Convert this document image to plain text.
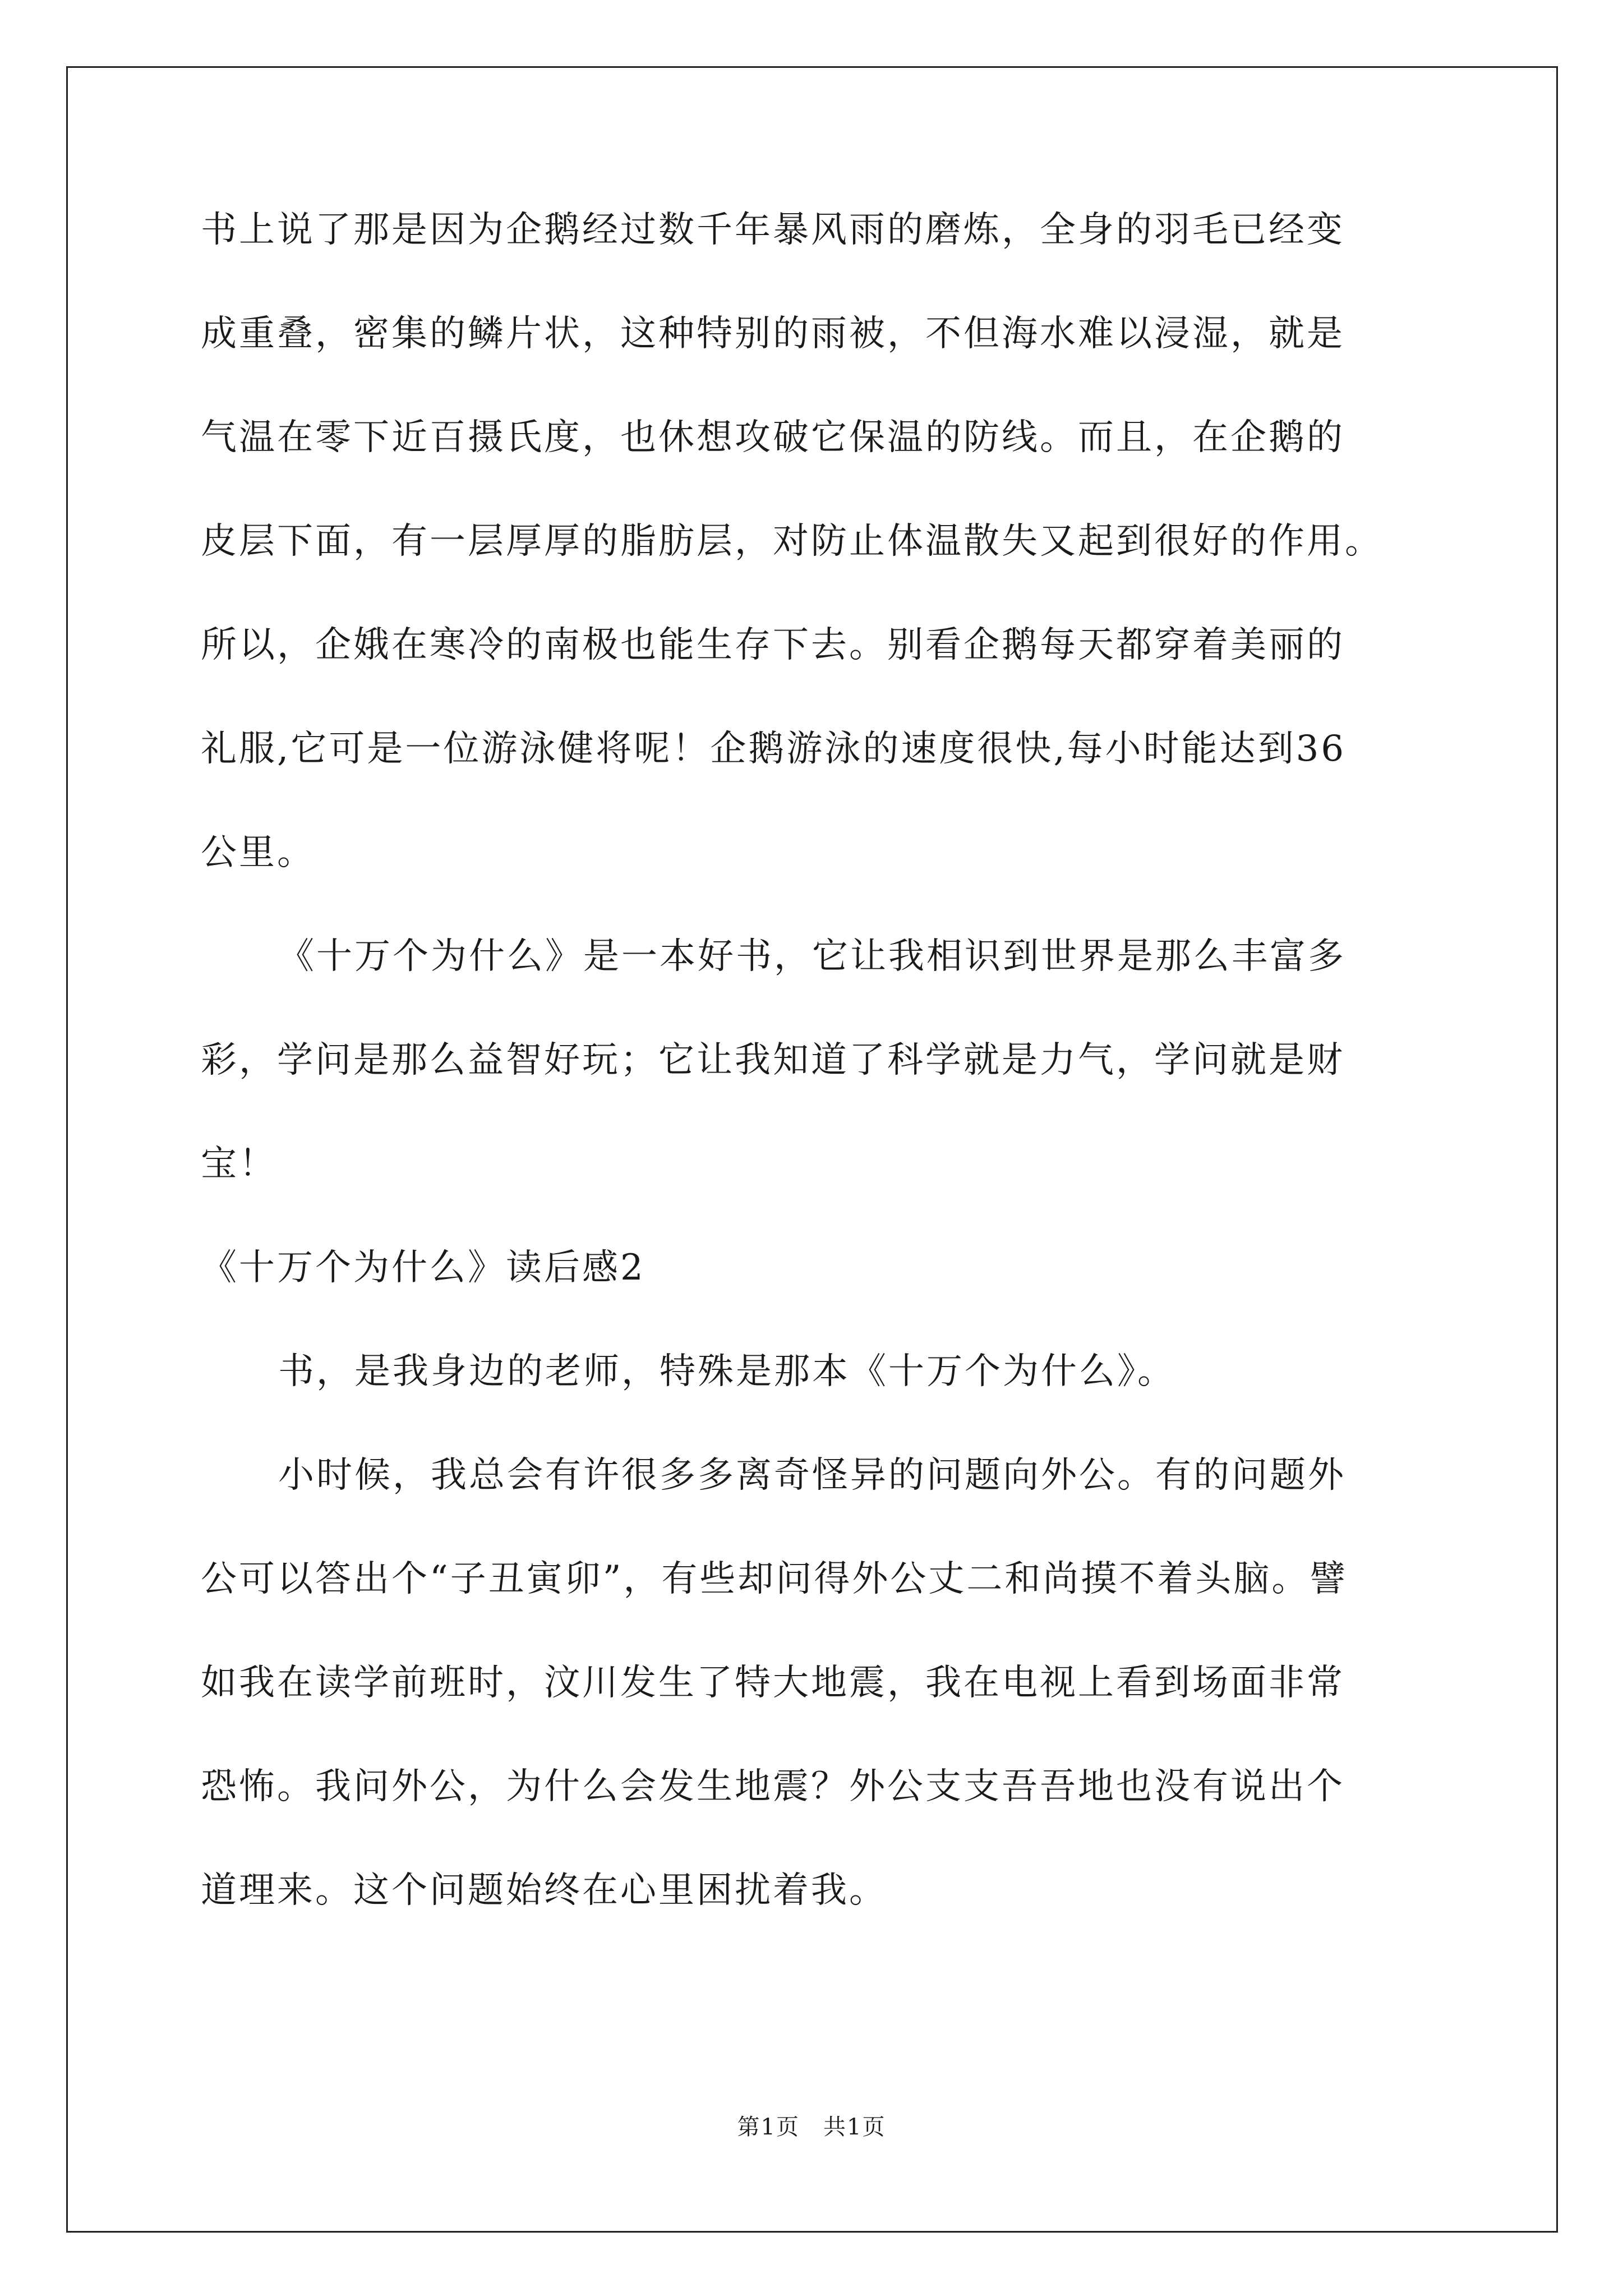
书上说了那是因为企鹅经过数千年暴风雨的磨炼，全身的羽毛已经变
成重叠，密集的鳞片状，这种特别的雨被，不但海水难以浸湿，就是
气温在零下近百摄氏度，也休想攻破它保温的防线。而且，在企鹅的
皮层下面，有一层厚厚的脂肪层，对防止体温散失又起到很好的作用。
所以，企娥在寒冷的南极也能生存下去。别看企鹅每天都穿着美丽的
礼服,它可是一位游泳健将呢！企鹅游泳的速度很快,每小时能达到36
公里。
《十万个为什么》是一本好书，它让我相识到世界是那么丰富多
彩，学问是那么益智好玩；它让我知道了科学就是力气，学问就是财
宝！
《十万个为什么》读后感2
书，是我身边的老师，特殊是那本《十万个为什么》。
小时候，我总会有许很多多离奇怪异的问题向外公。有的问题外
公可以答出个“子丑寅卯”，有些却问得外公丈二和尚摸不着头脑。譬
如我在读学前班时，汶川发生了特大地震，我在电视上看到场面非常
恐怖。我问外公，为什么会发生地震？外公支支吾吾地也没有说出个
道理来。这个问题始终在心里困扰着我。
第1页　共1页
